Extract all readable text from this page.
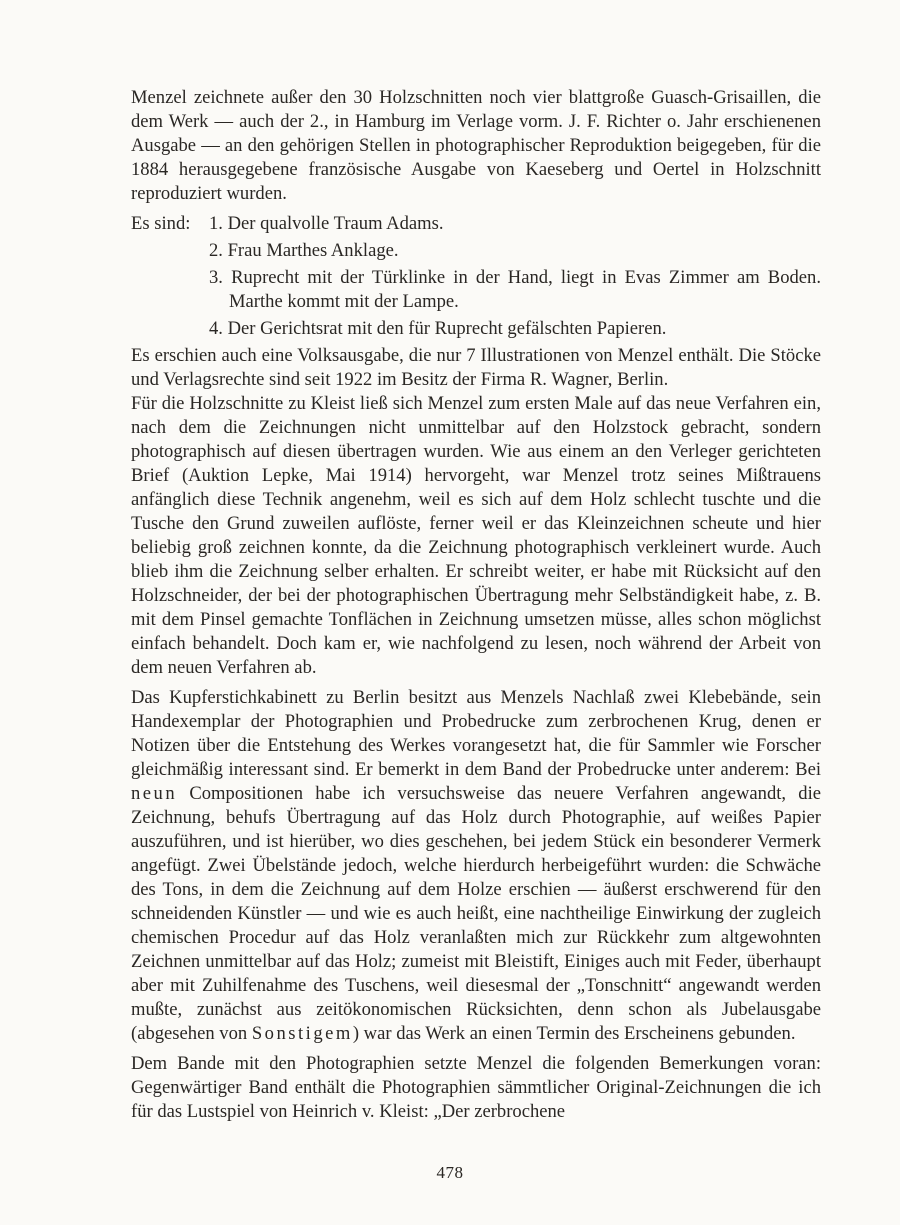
Menzel zeichnete außer den 30 Holzschnitten noch vier blattgroße Guasch-Grisaillen, die dem Werk — auch der 2., in Hamburg im Verlage vorm. J. F. Richter o. Jahr erschienenen Ausgabe — an den gehörigen Stellen in photographischer Reproduktion beigegeben, für die 1884 herausgegebene französische Ausgabe von Kaeseberg und Oertel in Holzschnitt reproduziert wurden.

Es sind: 1. Der qualvolle Traum Adams.
2. Frau Marthes Anklage.
3. Ruprecht mit der Türklinke in der Hand, liegt in Evas Zimmer am Boden. Marthe kommt mit der Lampe.
4. Der Gerichtsrat mit den für Ruprecht gefälschten Papieren.

Es erschien auch eine Volksausgabe, die nur 7 Illustrationen von Menzel enthält. Die Stöcke und Verlagsrechte sind seit 1922 im Besitz der Firma R. Wagner, Berlin.

Für die Holzschnitte zu Kleist ließ sich Menzel zum ersten Male auf das neue Verfahren ein, nach dem die Zeichnungen nicht unmittelbar auf den Holzstock gebracht, sondern photographisch auf diesen übertragen wurden. Wie aus einem an den Verleger gerichteten Brief (Auktion Lepke, Mai 1914) hervorgeht, war Menzel trotz seines Mißtrauens anfänglich diese Technik angenehm, weil es sich auf dem Holz schlecht tuschte und die Tusche den Grund zuweilen auflöste, ferner weil er das Kleinzeichnen scheute und hier beliebig groß zeichnen konnte, da die Zeichnung photographisch verkleinert wurde. Auch blieb ihm die Zeichnung selber erhalten. Er schreibt weiter, er habe mit Rücksicht auf den Holzschneider, der bei der photographischen Übertragung mehr Selbständigkeit habe, z. B. mit dem Pinsel gemachte Tonflächen in Zeichnung umsetzen müsse, alles schon möglichst einfach behandelt. Doch kam er, wie nachfolgend zu lesen, noch während der Arbeit von dem neuen Verfahren ab.

Das Kupferstichkabinett zu Berlin besitzt aus Menzels Nachlaß zwei Klebebände, sein Handexemplar der Photographien und Probedrucke zum zerbrochenen Krug, denen er Notizen über die Entstehung des Werkes vorangesetzt hat, die für Sammler wie Forscher gleichmäßig interessant sind. Er bemerkt in dem Band der Probedrucke unter anderem: Bei neun Compositionen habe ich versuchsweise das neuere Verfahren angewandt, die Zeichnung, behufs Übertragung auf das Holz durch Photographie, auf weißes Papier auszuführen, und ist hierüber, wo dies geschehen, bei jedem Stück ein besonderer Vermerk angefügt. Zwei Übelstände jedoch, welche hierdurch herbeigeführt wurden: die Schwäche des Tons, in dem die Zeichnung auf dem Holze erschien — äußerst erschwerend für den schneidenden Künstler — und wie es auch heißt, eine nachtheilige Einwirkung der zugleich chemischen Procedur auf das Holz veranlaßten mich zur Rückkehr zum altgewohnten Zeichnen unmittelbar auf das Holz; zumeist mit Bleistift, Einiges auch mit Feder, überhaupt aber mit Zuhilfenahme des Tuschens, weil diesesmal der „Tonschnitt“ angewandt werden mußte, zunächst aus zeitökonomischen Rücksichten, denn schon als Jubelausgabe (abgesehen von Sonstigem) war das Werk an einen Termin des Erscheinens gebunden.

Dem Bande mit den Photographien setzte Menzel die folgenden Bemerkungen voran: Gegenwärtiger Band enthält die Photographien sämmtlicher Original-Zeichnungen die ich für das Lustspiel von Heinrich v. Kleist: „Der zerbrochene

478
